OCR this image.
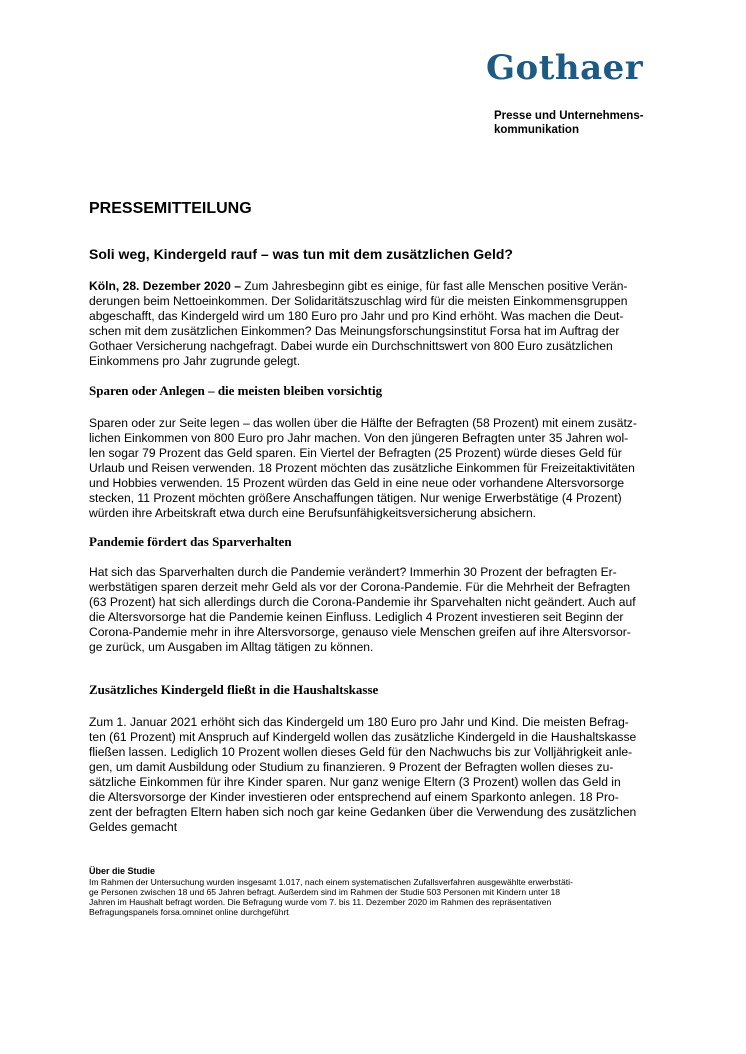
Gothaer
Presse und Unternehmens-
kommunikation
PRESSEMITTEILUNG
Soli weg, Kindergeld rauf – was tun mit dem zusätzlichen Geld?
Köln, 28. Dezember 2020 – Zum Jahresbeginn gibt es einige, für fast alle Menschen positive Verän-
derungen beim Nettoeinkommen. Der Solidaritätszuschlag wird für die meisten Einkommensgruppen
abgeschafft, das Kindergeld wird um 180 Euro pro Jahr und pro Kind erhöht. Was machen die Deut-
schen mit dem zusätzlichen Einkommen? Das Meinungsforschungsinstitut Forsa hat im Auftrag der
Gothaer Versicherung nachgefragt. Dabei wurde ein Durchschnittswert von 800 Euro zusätzlichen
Einkommens pro Jahr zugrunde gelegt.
Sparen oder Anlegen – die meisten bleiben vorsichtig
Sparen oder zur Seite legen – das wollen über die Hälfte der Befragten (58 Prozent) mit einem zusätz-
lichen Einkommen von 800 Euro pro Jahr machen. Von den jüngeren Befragten unter 35 Jahren wol-
len sogar 79 Prozent das Geld sparen. Ein Viertel der Befragten (25 Prozent) würde dieses Geld für
Urlaub und Reisen verwenden. 18 Prozent möchten das zusätzliche Einkommen für Freizeitaktivitäten
und Hobbies verwenden. 15 Prozent würden das Geld in eine neue oder vorhandene Altersvorsorge
stecken, 11 Prozent möchten größere Anschaffungen tätigen. Nur wenige Erwerbstätige (4 Prozent)
würden ihre Arbeitskraft etwa durch eine Berufsunfähigkeitsversicherung absichern.
Pandemie fördert das Sparverhalten
Hat sich das Sparverhalten durch die Pandemie verändert? Immerhin 30 Prozent der befragten Er-
werbstätigen sparen derzeit mehr Geld als vor der Corona-Pandemie. Für die Mehrheit der Befragten
(63 Prozent) hat sich allerdings durch die Corona-Pandemie ihr Sparvehalten nicht geändert. Auch auf
die Altersvorsorge hat die Pandemie keinen Einfluss. Lediglich 4 Prozent investieren seit Beginn der
Corona-Pandemie mehr in ihre Altersvorsorge, genauso viele Menschen greifen auf ihre Altersvorsor-
ge zurück, um Ausgaben im Alltag tätigen zu können.
Zusätzliches Kindergeld fließt in die Haushaltskasse
Zum 1. Januar 2021 erhöht sich das Kindergeld um 180 Euro pro Jahr und Kind. Die meisten Befrag-
ten (61 Prozent) mit Anspruch auf Kindergeld wollen das zusätzliche Kindergeld in die Haushaltskasse
fließen lassen. Lediglich 10 Prozent wollen dieses Geld für den Nachwuchs bis zur Volljährigkeit anle-
gen, um damit Ausbildung oder Studium zu finanzieren. 9 Prozent der Befragten wollen dieses zu-
sätzliche Einkommen für ihre Kinder sparen. Nur ganz wenige Eltern (3 Prozent) wollen das Geld in
die Altersvorsorge der Kinder investieren oder entsprechend auf einem Sparkonto anlegen. 18 Pro-
zent der befragten Eltern haben sich noch gar keine Gedanken über die Verwendung des zusätzlichen
Geldes gemacht
Über die Studie
Im Rahmen der Untersuchung wurden insgesamt 1.017, nach einem systematischen Zufallsverfahren ausgewählte erwerbstäti-
ge Personen zwischen 18 und 65 Jahren befragt. Außerdem sind im Rahmen der Studie 503 Personen mit Kindern unter 18
Jahren im Haushalt befragt worden. Die Befragung wurde vom 7. bis 11. Dezember 2020 im Rahmen des repräsentativen
Befragungspanels forsa.omninet online durchgeführt
